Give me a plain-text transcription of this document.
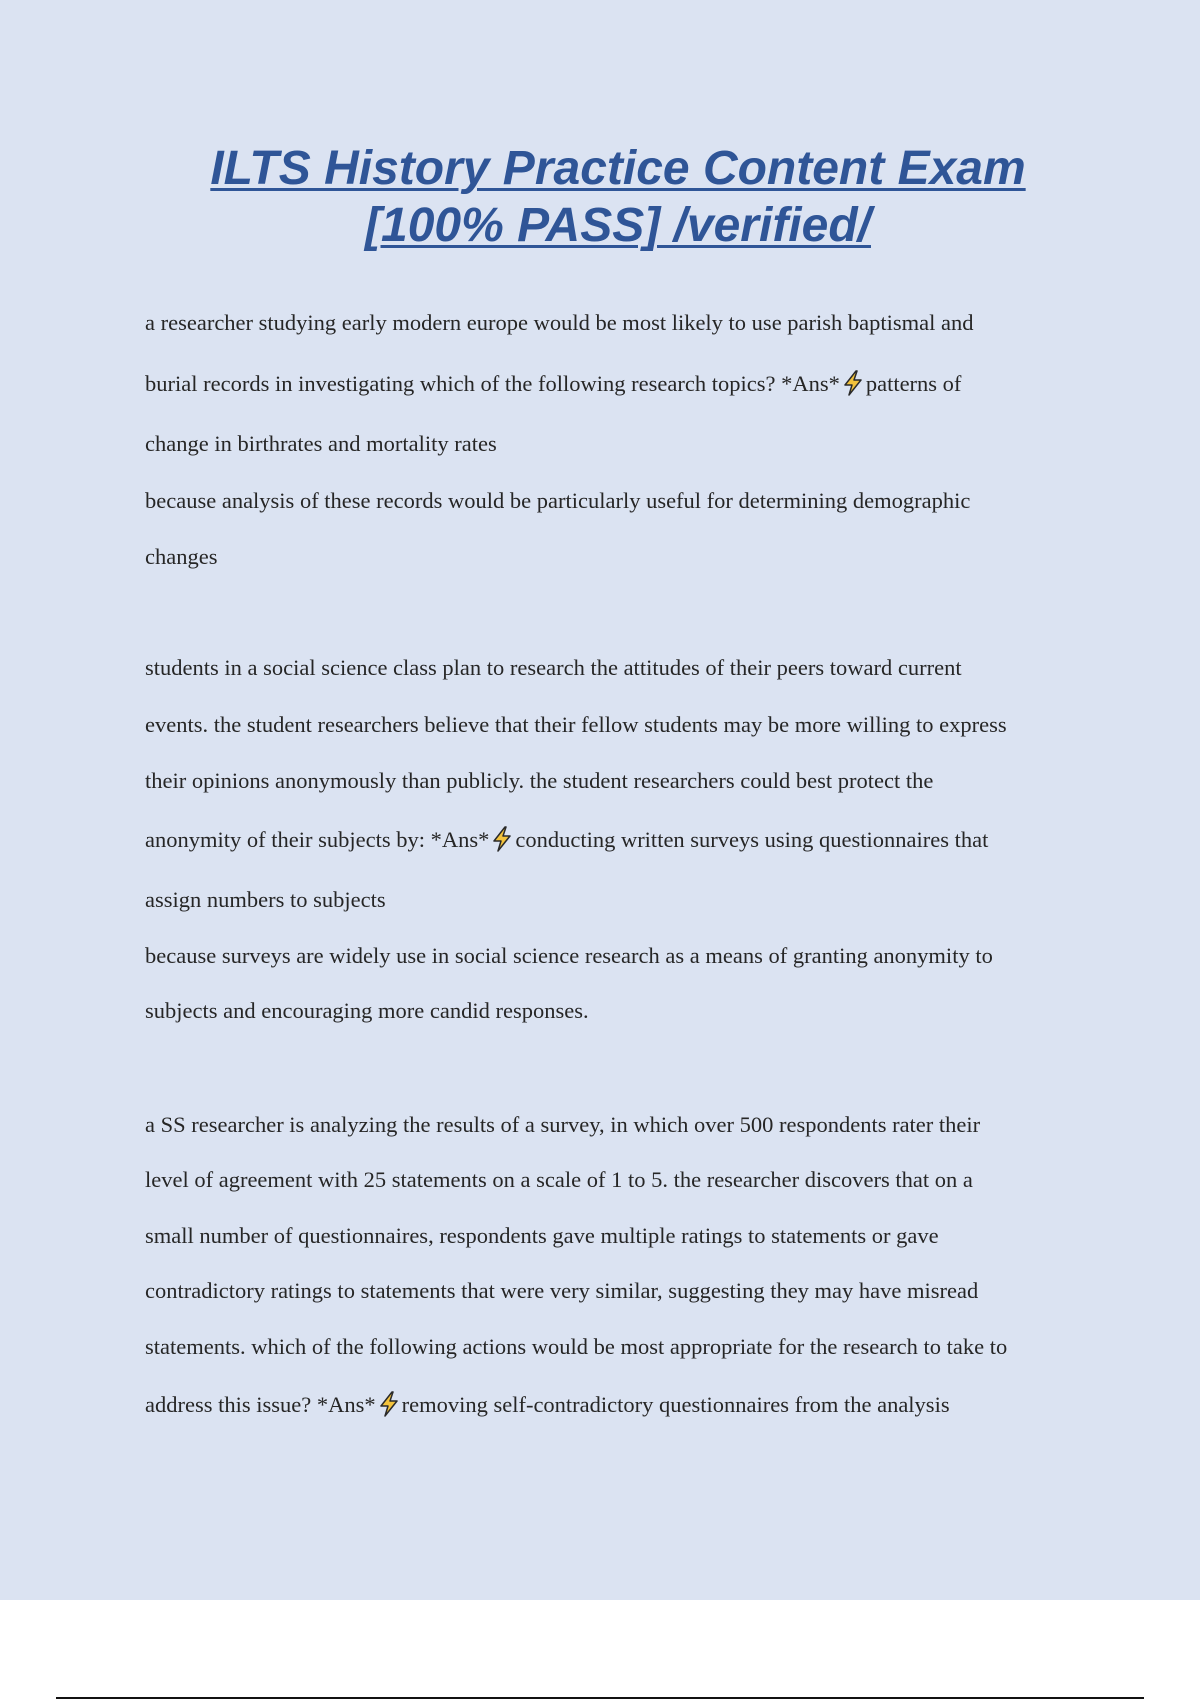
ILTS History Practice Content Exam
[100% PASS] /verified/
a researcher studying early modern europe would be most likely to use parish baptismal and
burial records in investigating which of the following research topics? *Ans* patterns of
change in birthrates and mortality rates
because analysis of these records would be particularly useful for determining demographic
changes
students in a social science class plan to research the attitudes of their peers toward current
events. the student researchers believe that their fellow students may be more willing to express
their opinions anonymously than publicly. the student researchers could best protect the
anonymity of their subjects by: *Ans* conducting written surveys using questionnaires that
assign numbers to subjects
because surveys are widely use in social science research as a means of granting anonymity to
subjects and encouraging more candid responses.
a SS researcher is analyzing the results of a survey, in which over 500 respondents rater their
level of agreement with 25 statements on a scale of 1 to 5. the researcher discovers that on a
small number of questionnaires, respondents gave multiple ratings to statements or gave
contradictory ratings to statements that were very similar, suggesting they may have misread
statements. which of the following actions would be most appropriate for the research to take to
address this issue? *Ans* removing self-contradictory questionnaires from the analysis
